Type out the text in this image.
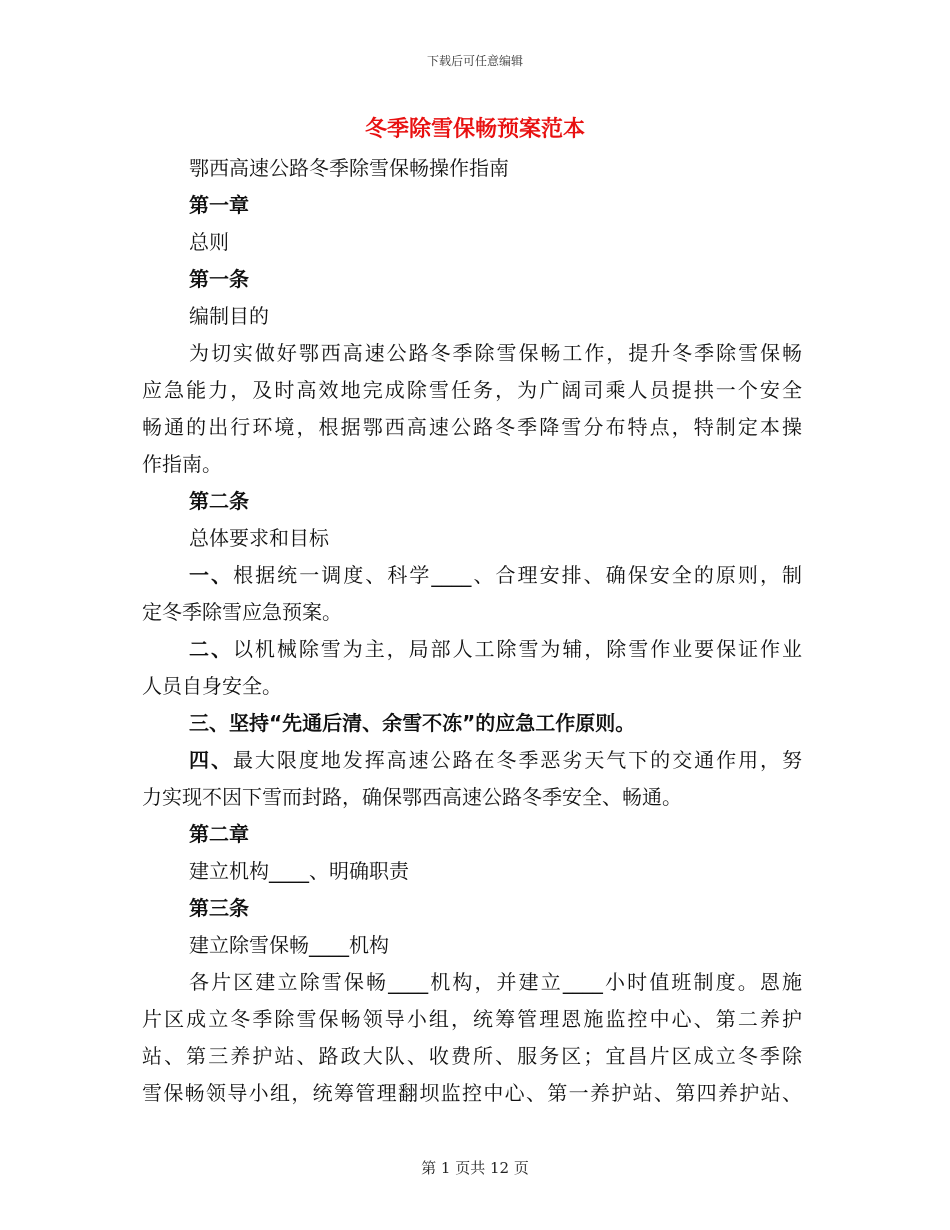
下载后可任意编辑
冬季除雪保畅预案范本
鄂西高速公路冬季除雪保畅操作指南
第一章
总则
第一条
编制目的
为切实做好鄂西高速公路冬季除雪保畅工作，提升冬季除雪保畅
应急能力，及时高效地完成除雪任务，为广阔司乘人员提拱一个安全
畅通的出行环境，根据鄂西高速公路冬季降雪分布特点，特制定本操
作指南。
第二条
总体要求和目标
一、根据统一调度、科学____、合理安排、确保安全的原则，制
定冬季除雪应急预案。
二、以机械除雪为主，局部人工除雪为辅，除雪作业要保证作业
人员自身安全。
三、坚持“先通后清、余雪不冻”的应急工作原则。
四、最大限度地发挥高速公路在冬季恶劣天气下的交通作用，努
力实现不因下雪而封路，确保鄂西高速公路冬季安全、畅通。
第二章
建立机构____、明确职责
第三条
建立除雪保畅____机构
各片区建立除雪保畅____机构，并建立____小时值班制度。恩施
片区成立冬季除雪保畅领导小组，统筹管理恩施监控中心、第二养护
站、第三养护站、路政大队、收费所、服务区；宜昌片区成立冬季除
雪保畅领导小组，统筹管理翻坝监控中心、第一养护站、第四养护站、
第 1 页共 12 页
